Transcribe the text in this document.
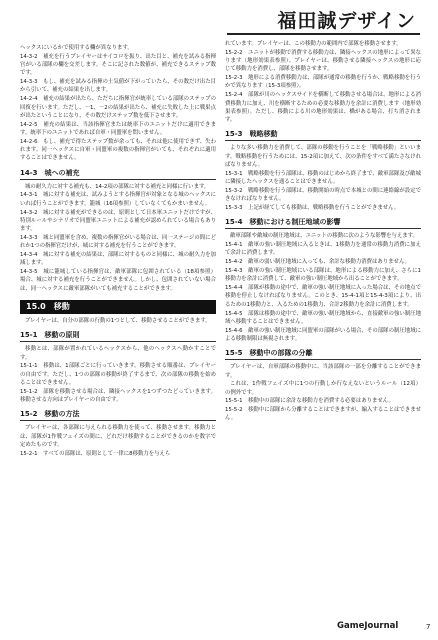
福田誠デザイン

ヘックスにいるかで使用する欄が異なります。

14-3-2　補充を行うプレイヤーはサイコロを振り、出た目と、補充を試みる指揮官がいる部隊の欄を交差します。そこに記された数値が、補充できるステップ数です。

14-3-3　もし、補充を試みる指揮の士気値が下がっていたら、その数だけ出た目から引いて、補充の結果を出します。

14-2-4　補充の結果が出たら、ただちに指揮官が統率している部隊のステップの回復を行います。ただし、－1、－2の結果が出たら、補充に失敗した上に戦果点が出たということになり、その数だけステップ数を低下させます。

14-2-5　補充の結果は、当該指揮官または統率下のユニットだけに適用できます。統率下のユニットであれば自軍・同盟軍を問いません。

14-2-6　もし、補充で得たステップ数が余っても、それは他に使用できず、失われます。同一ヘックスに自軍・同盟軍の複数の指揮官がいても、それぞれに適用することはできません。

14-3　城への補充

城の耐久力に対する補充も、14-2項の部隊に対する補充と同様に行います。

14-3-1　城に対する補充は、試みようとする指揮官が対象となる城のヘックスにいれば行うことができます。籠城（16項参照）していなくてもかまいません。

14-3-2　城に対する補充ができるのは、原則として日本軍ユニットだけですが、特別ルールやシナリオで同盟軍ユニットによる補充が認められている場合もあります。

14-3-3　城と同盟軍を含め、複数の指揮官がいる場合は、同一ステージの間にどれか1つの指揮官だけが、城に対する補充を行うことができます。

14-3-4　城に対する補充の結果は、部隊に対するものと同様に、城の耐久力を加減します。

14-3-5　城に籠城している指揮官は、敵軍部隊に包囲されている（18項参照）場合、城に対する補充を行うことができません。しかし、包囲されていない場合は、同一ヘックスに敵軍部隊がいても補充することができます。

15.0　移動

プレイヤーは、自分の部隊の行動の1つとして、移動させることができます。

15-1　移動の原則

移動とは、部隊が置かれているヘックスから、他のヘックスへ動かすことです。

15-1-1　移動は、1部隊ごとに行っていきます。移動させる順番は、プレイヤーの自由です。ただし、1つの部隊の移動が終了するまで、次の部隊の移動を始めることはできません。

15-1-2　部隊を移動させる場合は、隣接ヘックスを1つずつたどっていきます。移動させる方向はプレイヤーの自由です。

15-2　移動の方法

プレイヤーは、各部隊に与えられる移動力を使って、移動させます。移動力とは、部隊が1作戦フェイズの間に、どれだけ移動することができるのかを数字で定めたものです。

15-2-1　すべての部隊は、原則として一律に8移動力を与えら

れています。プレイヤーは、この移動力の範囲内で部隊を移動させます。

15-2-2　ユニットが移動で消費する移動力は、隣接ヘックスの地形によって異なります（地形効果表参照）。プレイヤーは、移動させる隣接ヘックスの地形に応じて移動力を消費し、部隊を移動させます。

15-2-3　地形による消費移動力は、部隊が通常の移動を行うか、戦略移動を行うかで異なります（15-3項参照）。

15-2-4　部隊が川のヘックスサイドを横断して移動させる場合は、地形による消費移動力に加え、川を横断するための必要な移動力を余計に消費します（地形効果表参照）。ただし、移動による川の地形効果は、橋がある場合、打ち消されます。

15-3　戦略移動

よりな多い移動力を消費して、部隊の移動を行うことを「戦略移動」といいます。戦略移動を行うためには、15-2項に加えて、次の条件をすべて満たさなければなりません。

15-3-1　戦略移動を行う部隊は、移動のはじめから終了まで、敵軍部隊及び敵城に隣接したヘックスを通ることはできません。

15-3-2　戦略移動を行う部隊は、移動開始の時点で本城との間に連絡線が設定できなければなりません。

15-3-3　上記が経てしても移動は、戦略移動を行うことができません。

15-4　移動における制圧地域の影響

敵軍部隊や敵城の制圧地域は、ユニットの移動に次のような影響を与えます。

15-4-1　敵軍の強い制圧地域に入るときは、1移動力を通常の移動力消費に加えて余計に消費します。

15-4-2　敵軍の弱い制圧地域に入っても、余計な移動力消費はありません。

15-4-3　敵軍の強い制圧地域にいる部隊は、地形による移動力に加え、さらに1移動力を余計に消費して、敵軍の強い制圧地域から出ることができます。

15-4-4　部隊が移動の途中で、敵軍の強い制圧地域に入った場合は、その地点で移動を停止しなければなりません。このとき、15-4-1項と15-4-3項により、出るための1移動力と、入るための1移動力、合計2移動力を余計に消費します。

15-4-5　部隊は移動の途中で、敵軍の強い制圧地域から、直接敵軍の強い制圧地域へ移動することはできません。

15-4-6　敵軍の強い制圧地域に同盟軍の部隊がいる場合、その部隊の制圧地域による移動制限は無視されます。

15-5　移動中の部隊の分離

プレイヤーは、自軍部隊の移動中に、当該部隊の一部を分離することができます。

これは、1作戦フェイズ中に1つの行動しか行なえないというルール（12項）の例外です。

15-5-1　移動中の部隊に余計な移動力を消費する必要はありません。

15-5-2　移動中に部隊から分離することはできますが、編入することはできません。

GameJournal	7
